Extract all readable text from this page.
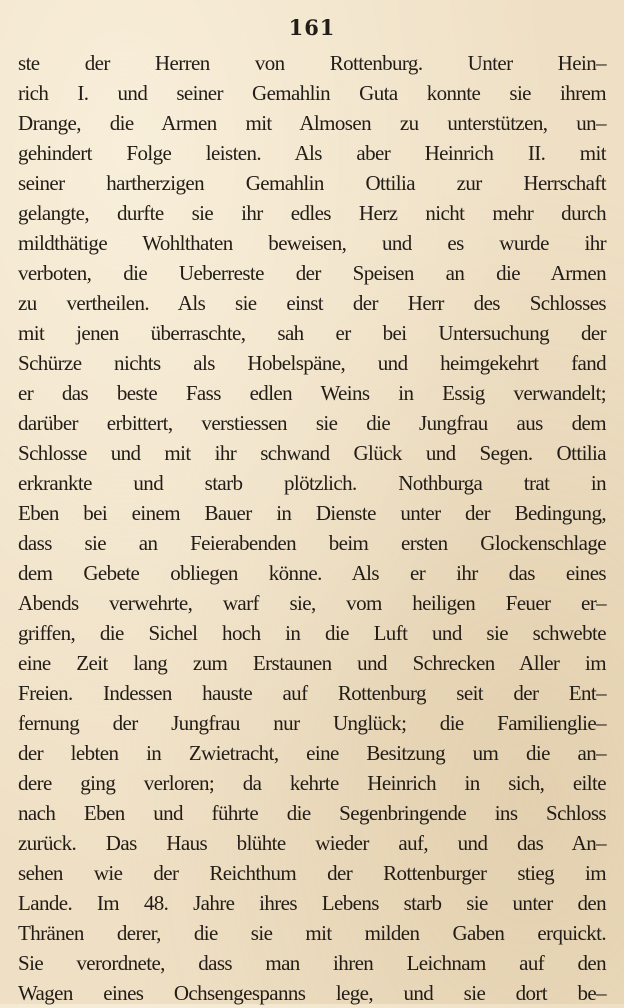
161
ste der Herren von Rottenburg. Unter Hein–
rich I. und seiner Gemahlin Guta konnte sie ihrem
Drange, die Armen mit Almosen zu unterstützen, un–
gehindert Folge leisten. Als aber Heinrich II. mit
seiner hartherzigen Gemahlin Ottilia zur Herrschaft
gelangte, durfte sie ihr edles Herz nicht mehr durch
mildthätige Wohlthaten beweisen, und es wurde ihr
verboten, die Ueberreste der Speisen an die Armen
zu vertheilen. Als sie einst der Herr des Schlosses
mit jenen überraschte, sah er bei Untersuchung der
Schürze nichts als Hobelspäne, und heimgekehrt fand
er das beste Fass edlen Weins in Essig verwandelt;
darüber erbittert, verstiessen sie die Jungfrau aus dem
Schlosse und mit ihr schwand Glück und Segen. Ottilia
erkrankte und starb plötzlich. Nothburga trat in
Eben bei einem Bauer in Dienste unter der Bedingung,
dass sie an Feierabenden beim ersten Glockenschlage
dem Gebete obliegen könne. Als er ihr das eines
Abends verwehrte, warf sie, vom heiligen Feuer er–
griffen, die Sichel hoch in die Luft und sie schwebte
eine Zeit lang zum Erstaunen und Schrecken Aller im
Freien. Indessen hauste auf Rottenburg seit der Ent–
fernung der Jungfrau nur Unglück; die Familienglie–
der lebten in Zwietracht, eine Besitzung um die an–
dere ging verloren; da kehrte Heinrich in sich, eilte
nach Eben und führte die Segenbringende ins Schloss
zurück. Das Haus blühte wieder auf, und das An–
sehen wie der Reichthum der Rottenburger stieg im
Lande. Im 48. Jahre ihres Lebens starb sie unter den
Thränen derer, die sie mit milden Gaben erquickt.
Sie verordnete, dass man ihren Leichnam auf den
Wagen eines Ochsengespanns lege, und sie dort be–
